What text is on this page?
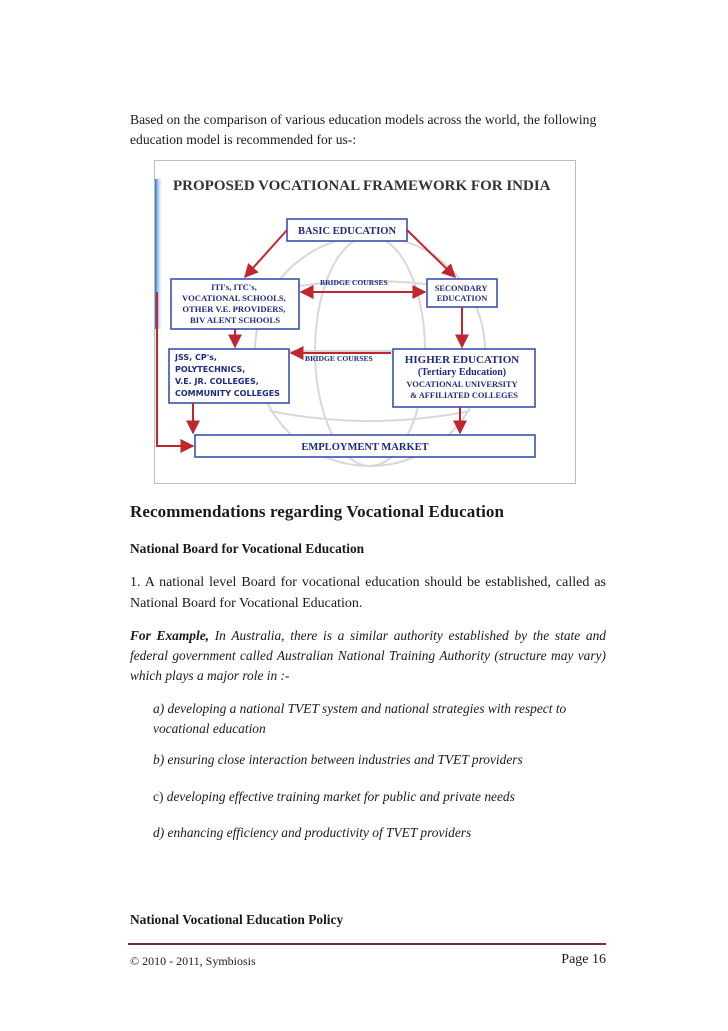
Based on the comparison of various education models across the world, the following education model is recommended for us-:
PROPOSED VOCATIONAL FRAMEWORK FOR INDIA
BASIC EDUCATION
ITI's, ITC's, VOCATIONAL SCHOOLS, OTHER V.E. PROVIDERS, BIV ALENT SCHOOLS
BRIDGE COURSES
SECONDARY EDUCATION
JSS, CP's, POLYTECHNICS, V.E. JR. COLLEGES, COMMUNITY COLLEGES
BRIDGE COURSES	HIGHER EDUCATION (Tertiary Education) VOCATIONAL UNIVERSITY & AFFILIATED COLLEGES
EMPLOYMENT MARKET
Recommendations regarding Vocational Education
National Board for Vocational Education
1. A national level Board for vocational education should be established, called as National Board for Vocational Education.
For Example, In Australia, there is a similar authority established by the state and federal government called Australian National Training Authority (structure may vary) which plays a major role in :-
a) developing a national TVET system and national strategies with respect to vocational education
b) ensuring close interaction between industries and TVET providers
c) developing effective training market for public and private needs
d) enhancing efficiency and productivity of TVET providers
National Vocational Education Policy
© 2010 - 2011, Symbiosis	Page 16
